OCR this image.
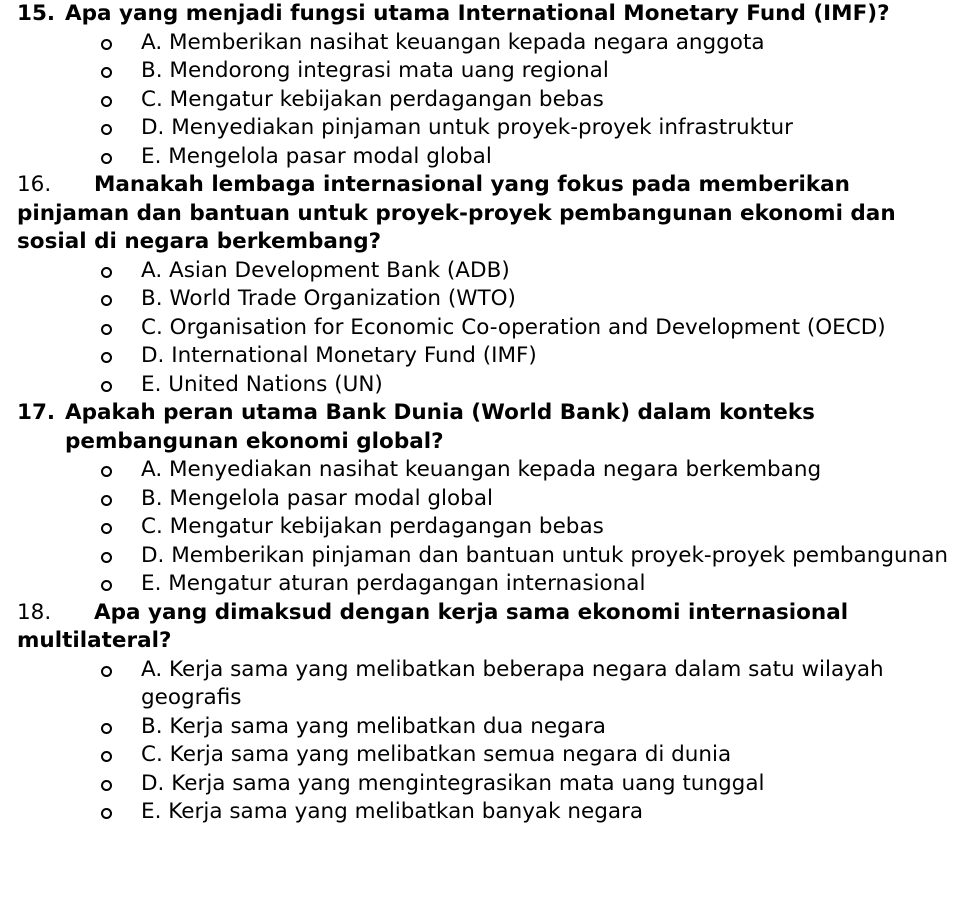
15. Apa yang menjadi fungsi utama International Monetary Fund (IMF)?
A. Memberikan nasihat keuangan kepada negara anggota
B. Mendorong integrasi mata uang regional
C. Mengatur kebijakan perdagangan bebas
D. Menyediakan pinjaman untuk proyek-proyek infrastruktur
E. Mengelola pasar modal global
16.	Manakah lembaga internasional yang fokus pada memberikan pinjaman dan bantuan untuk proyek-proyek pembangunan ekonomi dan sosial di negara berkembang?
A. Asian Development Bank (ADB)
B. World Trade Organization (WTO)
C. Organisation for Economic Co-operation and Development (OECD)
D. International Monetary Fund (IMF)
E. United Nations (UN)
17. Apakah peran utama Bank Dunia (World Bank) dalam konteks pembangunan ekonomi global?
A. Menyediakan nasihat keuangan kepada negara berkembang
B. Mengelola pasar modal global
C. Mengatur kebijakan perdagangan bebas
D. Memberikan pinjaman dan bantuan untuk proyek-proyek pembangunan
E. Mengatur aturan perdagangan internasional
18.	Apa yang dimaksud dengan kerja sama ekonomi internasional multilateral?
A. Kerja sama yang melibatkan beberapa negara dalam satu wilayah geografis
B. Kerja sama yang melibatkan dua negara
C. Kerja sama yang melibatkan semua negara di dunia
D. Kerja sama yang mengintegrasikan mata uang tunggal
E. Kerja sama yang melibatkan banyak negara
